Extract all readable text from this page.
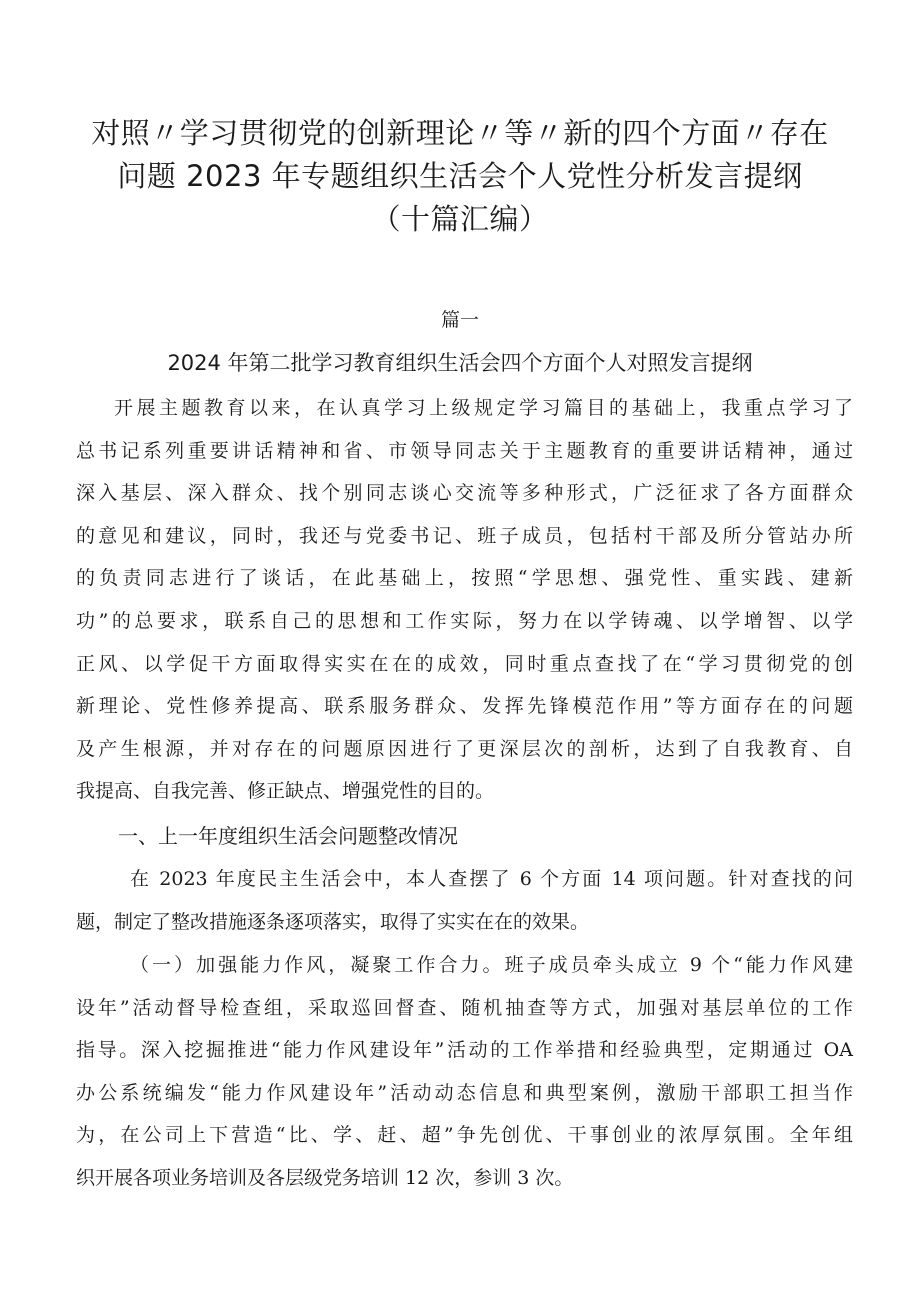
对照〃学习贯彻党的创新理论〃等〃新的四个方面〃存在
问题 2023 年专题组织生活会个人党性分析发言提纲
（十篇汇编）
篇一
2024 年第二批学习教育组织生活会四个方面个人对照发言提纲
开展主题教育以来，在认真学习上级规定学习篇目的基础上，我重点学习了
总书记系列重要讲话精神和省、市领导同志关于主题教育的重要讲话精神，通过
深入基层、深入群众、找个别同志谈心交流等多种形式，广泛征求了各方面群众
的意见和建议，同时，我还与党委书记、班子成员，包括村干部及所分管站办所
的负责同志进行了谈话，在此基础上，按照“学思想、强党性、重实践、建新
功”的总要求，联系自己的思想和工作实际，努力在以学铸魂、以学增智、以学
正风、以学促干方面取得实实在在的成效，同时重点查找了在“学习贯彻党的创
新理论、党性修养提高、联系服务群众、发挥先锋模范作用”等方面存在的问题
及产生根源，并对存在的问题原因进行了更深层次的剖析，达到了自我教育、自
我提高、自我完善、修正缺点、增强党性的目的。
一、上一年度组织生活会问题整改情况
在 2023 年度民主生活会中，本人查摆了 6 个方面 14 项问题。针对查找的问
题，制定了整改措施逐条逐项落实，取得了实实在在的效果。
（一）加强能力作风，凝聚工作合力。班子成员牵头成立 9 个“能力作风建
设年”活动督导检查组，采取巡回督查、随机抽查等方式，加强对基层单位的工作
指导。深入挖掘推进“能力作风建设年”活动的工作举措和经验典型，定期通过 OA
办公系统编发“能力作风建设年”活动动态信息和典型案例，激励干部职工担当作
为，在公司上下营造“比、学、赶、超”争先创优、干事创业的浓厚氛围。全年组
织开展各项业务培训及各层级党务培训 12 次，参训 3 次。
